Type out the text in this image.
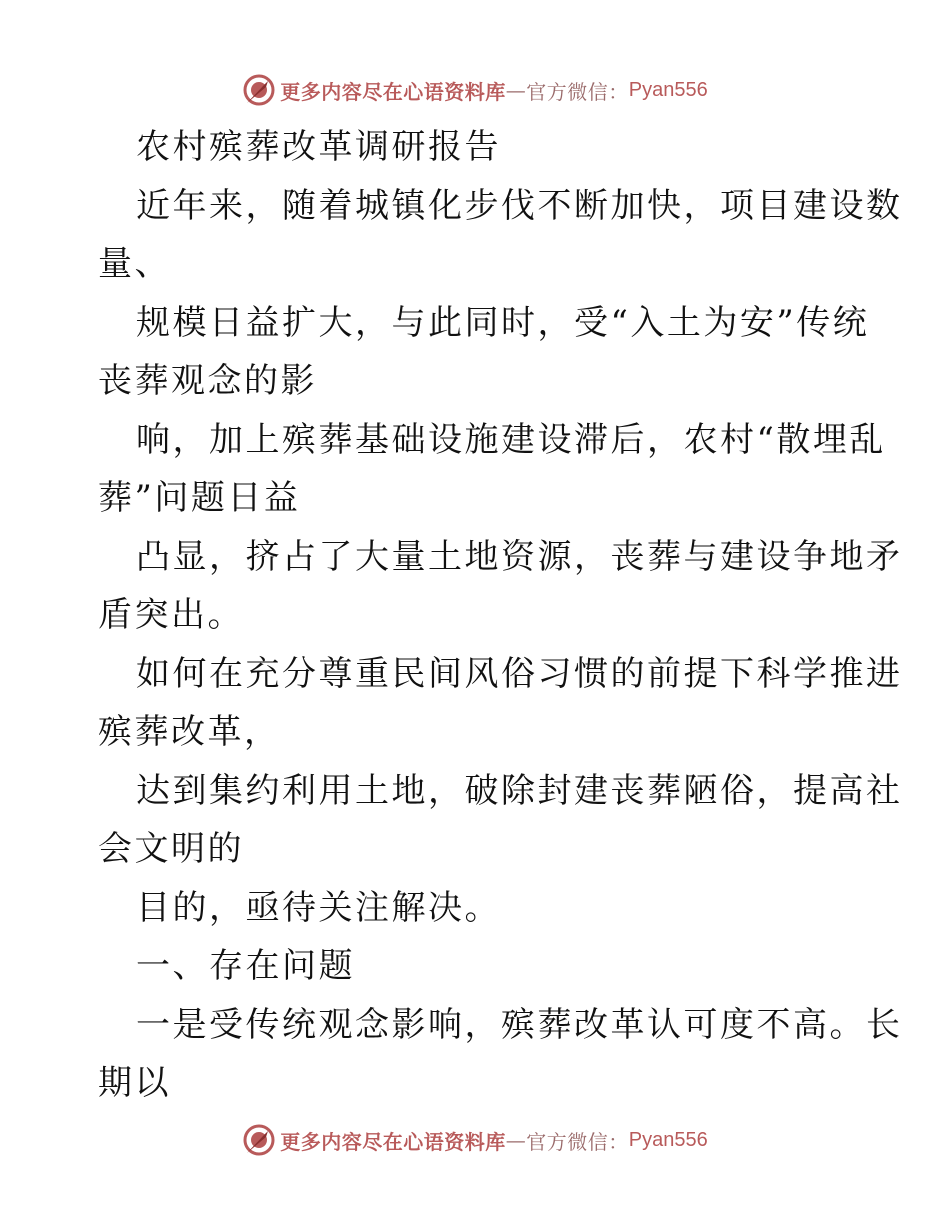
更多内容尽在心语资料库 — 官方微信： Pyan556
农村殡葬改革调研报告
近年来，随着城镇化步伐不断加快，项目建设数
量、
规模日益扩大，与此同时，受“入土为安”传统
丧葬观念的影
响，加上殡葬基础设施建设滞后，农村“散埋乱
葬”问题日益
凸显，挤占了大量土地资源，丧葬与建设争地矛
盾突出。
如何在充分尊重民间风俗习惯的前提下科学推进
殡葬改革，
达到集约利用土地，破除封建丧葬陋俗，提高社
会文明的
目的，亟待关注解决。
一、存在问题
一是受传统观念影响，殡葬改革认可度不高。长
期以
更多内容尽在心语资料库 — 官方微信： Pyan556
